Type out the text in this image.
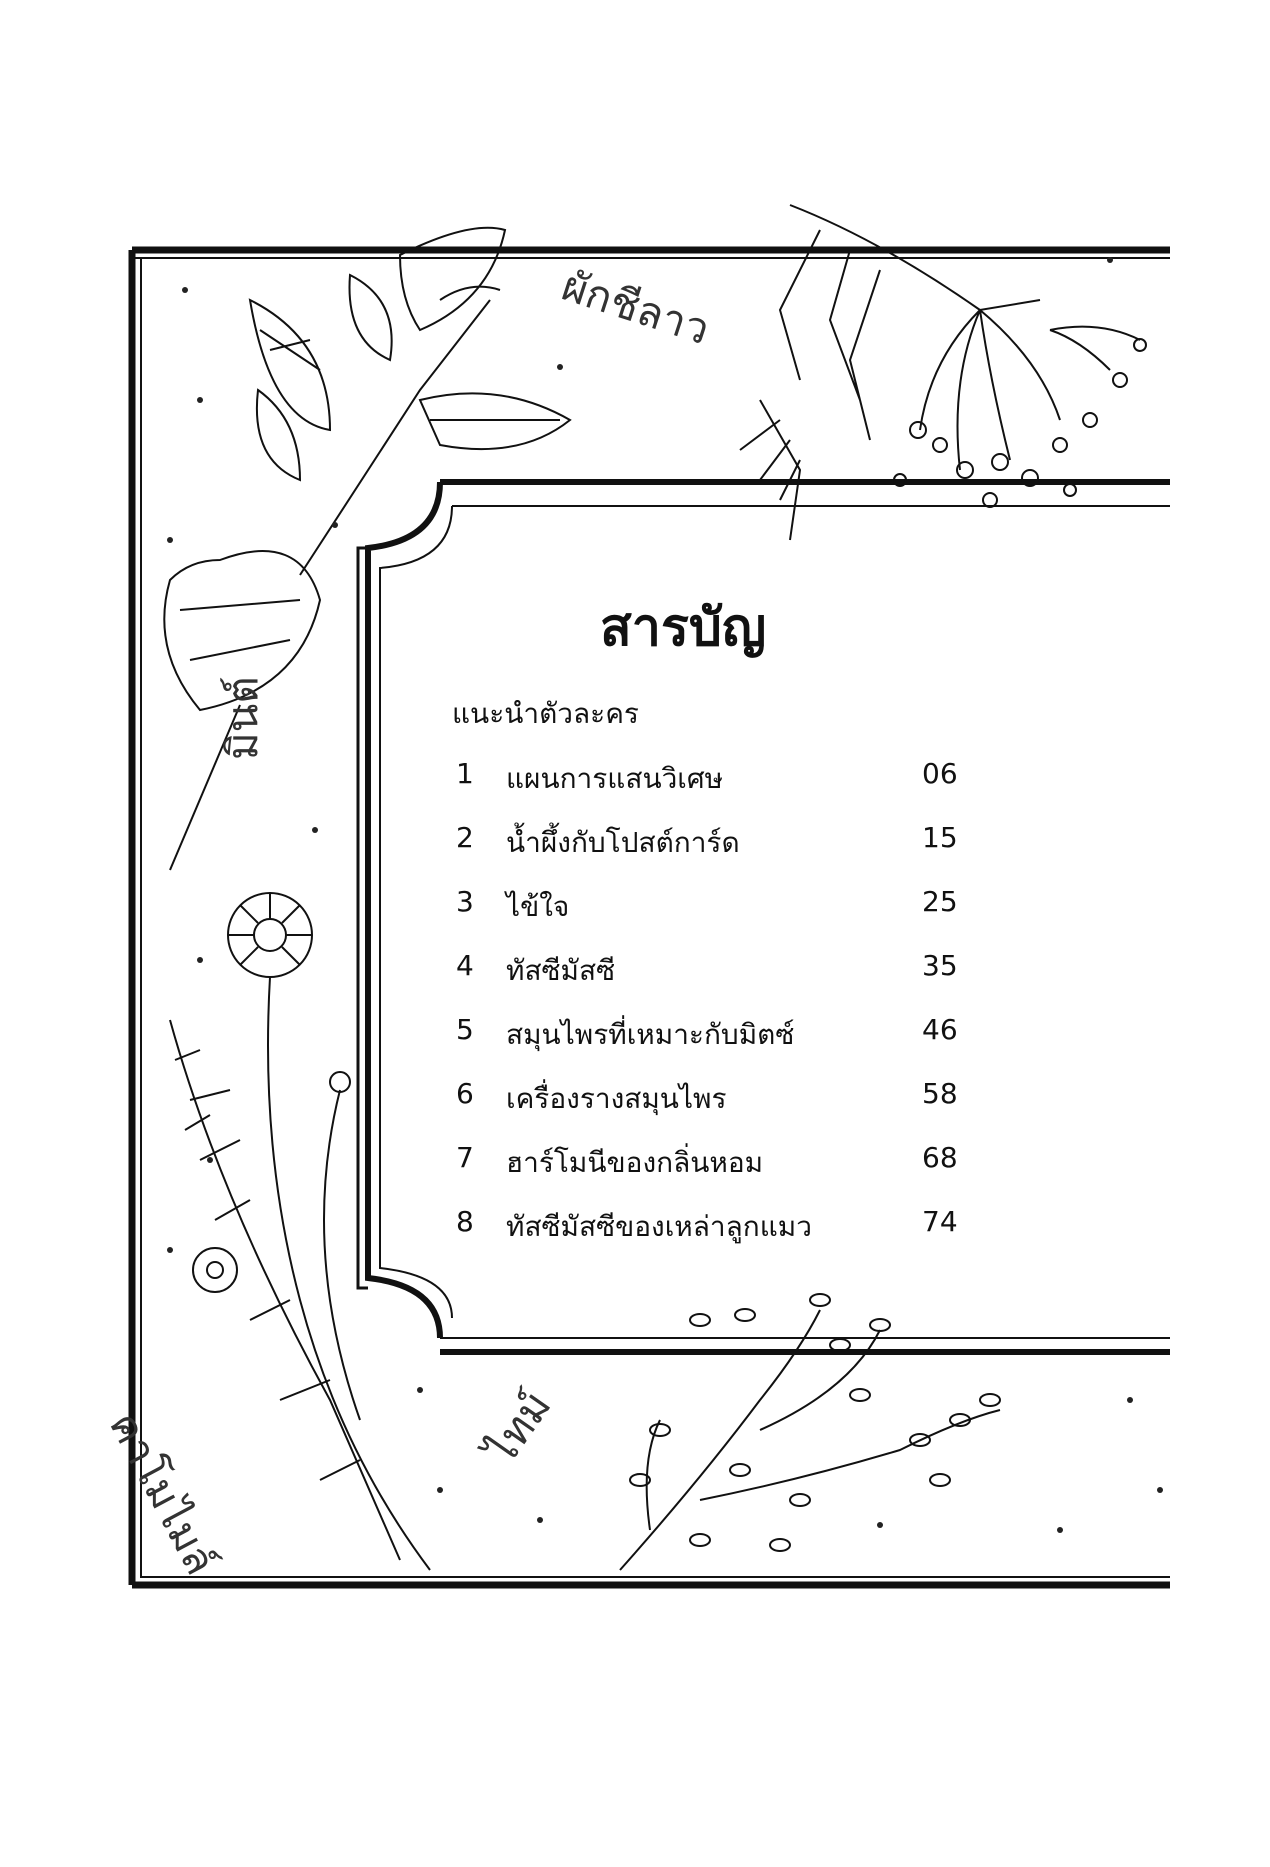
ผักชีลาว
มินต์
คาโมไมล์	ไทม์
สารบัญ
แนะนำตัวละคร
1 แผนการแสนวิเศษ	06
2 น้ำผึ้งกับโปสต์การ์ด	15
3 ไข้ใจ	25
4 ทัสซีมัสซี	35
5 สมุนไพรที่เหมาะกับมิตซ์	46
6 เครื่องรางสมุนไพร	58
7 ฮาร์โมนีของกลิ่นหอม	68
8 ทัสซีมัสซีของเหล่าลูกแมว	74
